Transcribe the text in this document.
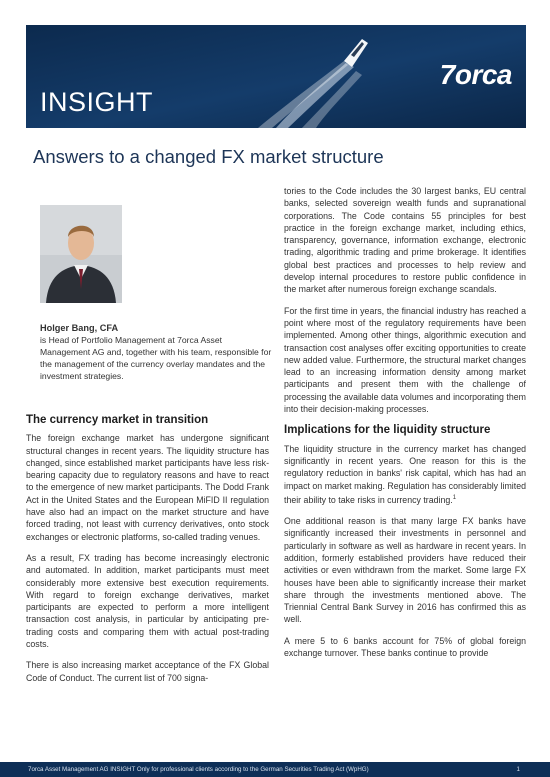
INSIGHT
7orca
Answers to a changed FX market structure
Holger Bang, CFA
is Head of Portfolio Management at 7orca Asset Management AG and, together with his team, responsible for the management of the currency overlay mandates and the investment strategies.
The currency market in transition

The foreign exchange market has undergone significant structural changes in recent years. The liquidity structure has changed, since established market participants have less risk-bearing capacity due to regulatory reasons and have to react to the emergence of new market participants. The Dodd Frank Act in the United States and the European MiFID II regulation have also had an impact on the market structure and have forced trading, not least with currency derivatives, onto stock exchanges or electronic platforms, so-called trading venues.

As a result, FX trading has become increasingly electronic and automated. In addition, market participants must meet considerably more extensive best execution requirements. With regard to foreign exchange derivatives, market participants are expected to perform a more intelligent transaction cost analysis, in particular by anticipating pre-trading costs and comparing them with actual post-trading costs.

There is also increasing market acceptance of the FX Global Code of Conduct. The current list of 700 signa-

tories to the Code includes the 30 largest banks, EU central banks, selected sovereign wealth funds and supranational corporations. The Code contains 55 principles for best practice in the foreign exchange market, including ethics, transparency, governance, information exchange, electronic trading, algorithmic trading and prime brokerage. It identifies global best practices and processes to help review and develop internal procedures to restore public confidence in the market after numerous foreign exchange scandals.

For the first time in years, the financial industry has reached a point where most of the regulatory requirements have been implemented. Among other things, algorithmic execution and transaction cost analyses offer exciting opportunities to create new added value. Furthermore, the structural market changes lead to an increasing information density among market participants and present them with the challenge of processing the available data volumes and incorporating them into their decision-making processes.

Implications for the liquidity structure

The liquidity structure in the currency market has changed significantly in recent years. One reason for this is the regulatory reduction in banks' risk capital, which has had an impact on market making. Regulation has considerably limited their ability to take risks in currency trading.$^1$

One additional reason is that many large FX banks have significantly increased their investments in personnel and particularly in software as well as hardware in recent years. In addition, formerly established providers have reduced their activities or even withdrawn from the market. Some large FX houses have been able to significantly increase their market share through the investments mentioned above. The Triennial Central Bank Survey in 2016 has confirmed this as well.

A mere 5 to 6 banks account for 75% of global foreign exchange turnover. These banks continue to provide

7orca Asset Management AG INSIGHT Only for professional clients according to the German Securities Trading Act (WpHG)	1
